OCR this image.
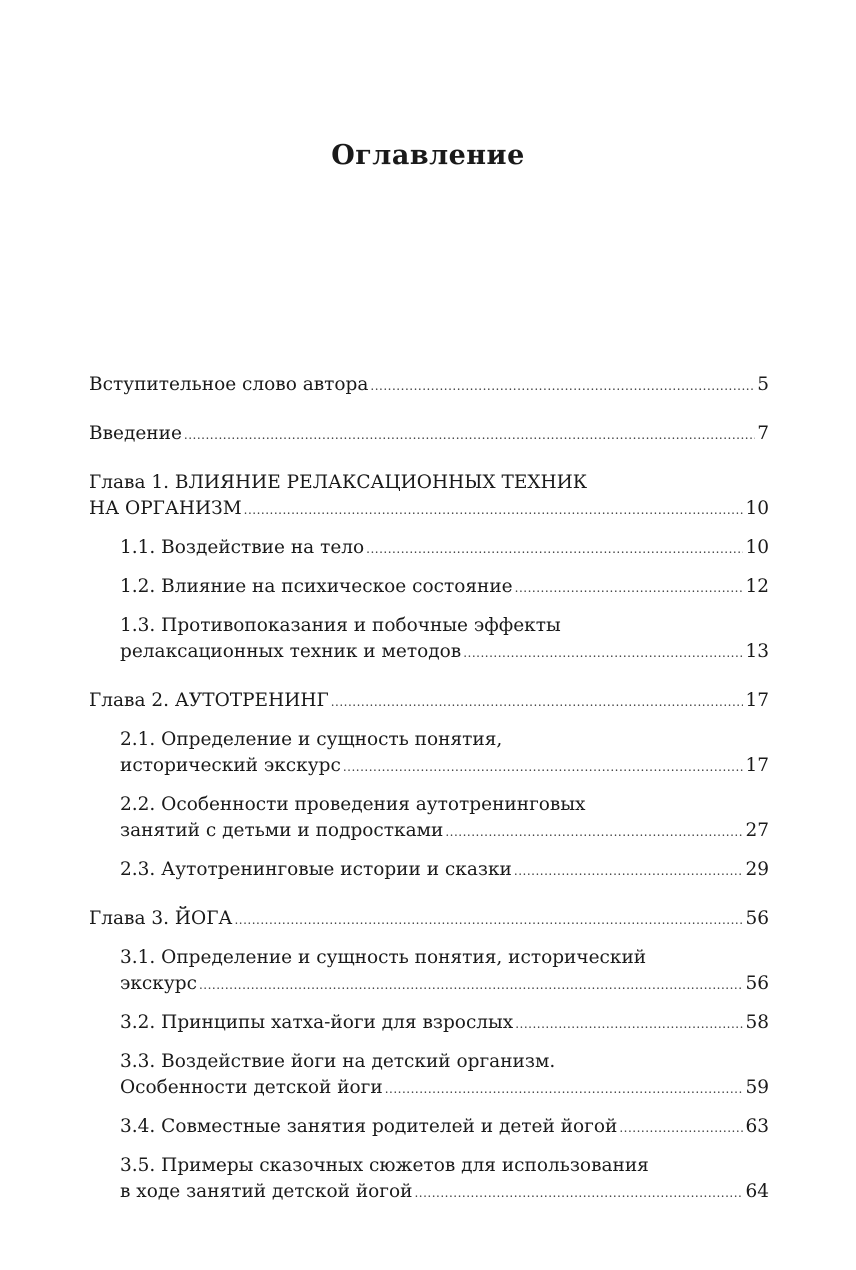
Оглавление
Вступительное слово автора .....	5
Введение .....	7
Глава 1. ВЛИЯНИЕ РЕЛАКСАЦИОННЫХ ТЕХНИК
НА ОРГАНИЗМ .....	10
1.1. Воздействие на тело .....	10
1.2. Влияние на психическое состояние .....	12
1.3. Противопоказания и побочные эффекты
релаксационных техник и методов .....	13
Глава 2. АУТОТРЕНИНГ .....	17
2.1. Определение и сущность понятия,
исторический экскурс .....	17
2.2. Особенности проведения аутотренинговых
занятий с детьми и подростками .....	27
2.3. Аутотренинговые истории и сказки .....	29
Глава 3. ЙОГА .....	56
3.1. Определение и сущность понятия, исторический
экскурс .....	56
3.2. Принципы хатха-йоги для взрослых .....	58
3.3. Воздействие йоги на детский организм.
Особенности детской йоги .....	59
3.4. Совместные занятия родителей и детей йогой .....	63
3.5. Примеры сказочных сюжетов для использования
в ходе занятий детской йогой .....	64
